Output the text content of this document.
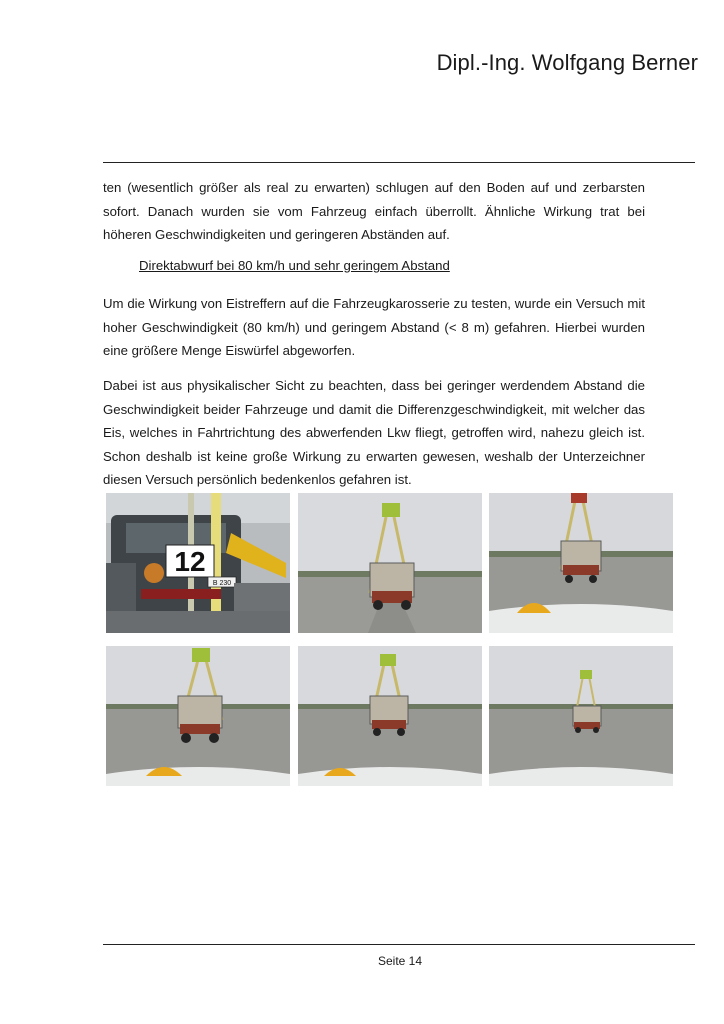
Dipl.-Ing. Wolfgang Berner

ten (wesentlich größer als real zu erwarten) schlugen auf den Boden auf und zerbarsten sofort. Danach wurden sie vom Fahrzeug einfach überrollt. Ähnliche Wirkung trat bei höheren Geschwindigkeiten und geringeren Abständen auf.

Direktabwurf bei 80 km/h und sehr geringem Abstand

Um die Wirkung von Eistreffern auf die Fahrzeugkarosserie zu testen, wurde ein Versuch mit hoher Geschwindigkeit (80 km/h) und geringem Abstand (< 8 m) gefahren. Hierbei wurden eine größere Menge Eiswürfel abgeworfen.

Dabei ist aus physikalischer Sicht zu beachten, dass bei geringer werdendem Abstand die Geschwindigkeit beider Fahrzeuge und damit die Differenzgeschwindigkeit, mit welcher das Eis, welches in Fahrtrichtung des abwerfenden Lkw fliegt, getroffen wird, nahezu gleich ist. Schon deshalb ist keine große Wirkung zu erwarten gewesen, weshalb der Unterzeichner diesen Versuch persönlich bedenkenlos gefahren ist.

12
B 230
Seite 14
